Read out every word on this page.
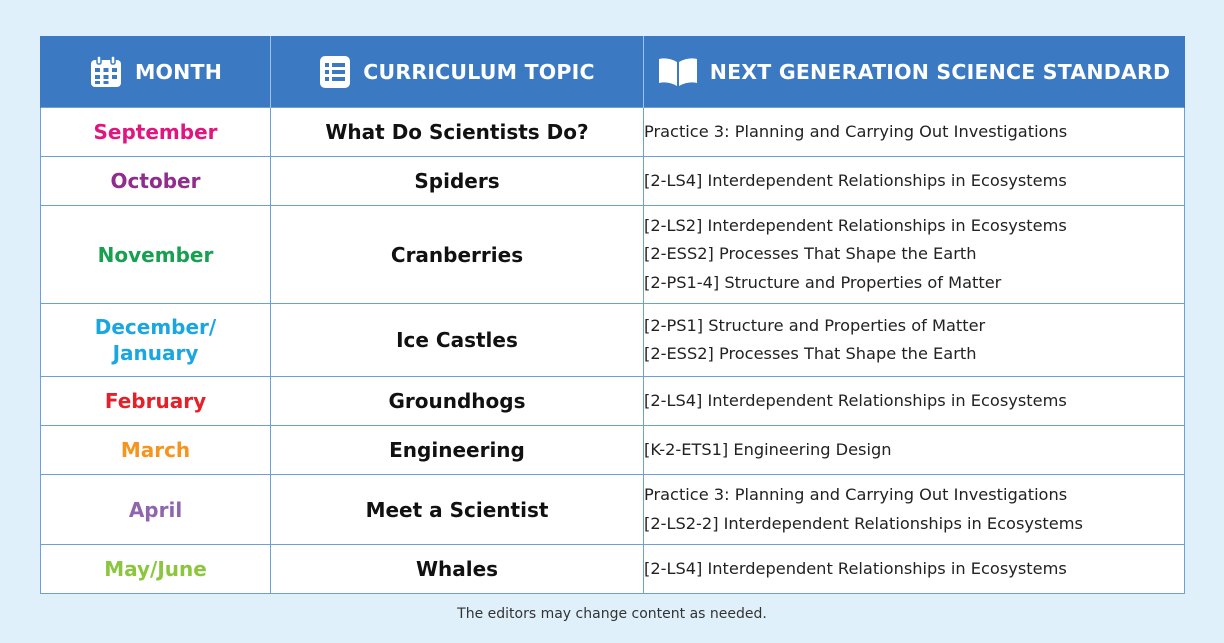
MONTH	CURRICULUM TOPIC	NEXT GENERATION SCIENCE STANDARD

September	What Do Scientists Do?	Practice 3: Planning and Carrying Out Investigations

October	Spiders	[2-LS4] Interdependent Relationships in Ecosystems

November	Cranberries	[2-LS2] Interdependent Relationships in Ecosystems
[2-ESS2] Processes That Shape the Earth
[2-PS1-4] Structure and Properties of Matter

December/ January	Ice Castles	[2-PS1] Structure and Properties of Matter
[2-ESS2] Processes That Shape the Earth

February	Groundhogs	[2-LS4] Interdependent Relationships in Ecosystems

March	Engineering	[K-2-ETS1] Engineering Design

April	Meet a Scientist	Practice 3: Planning and Carrying Out Investigations
[2-LS2-2] Interdependent Relationships in Ecosystems

May/June	Whales	[2-LS4] Interdependent Relationships in Ecosystems
The editors may change content as needed.
